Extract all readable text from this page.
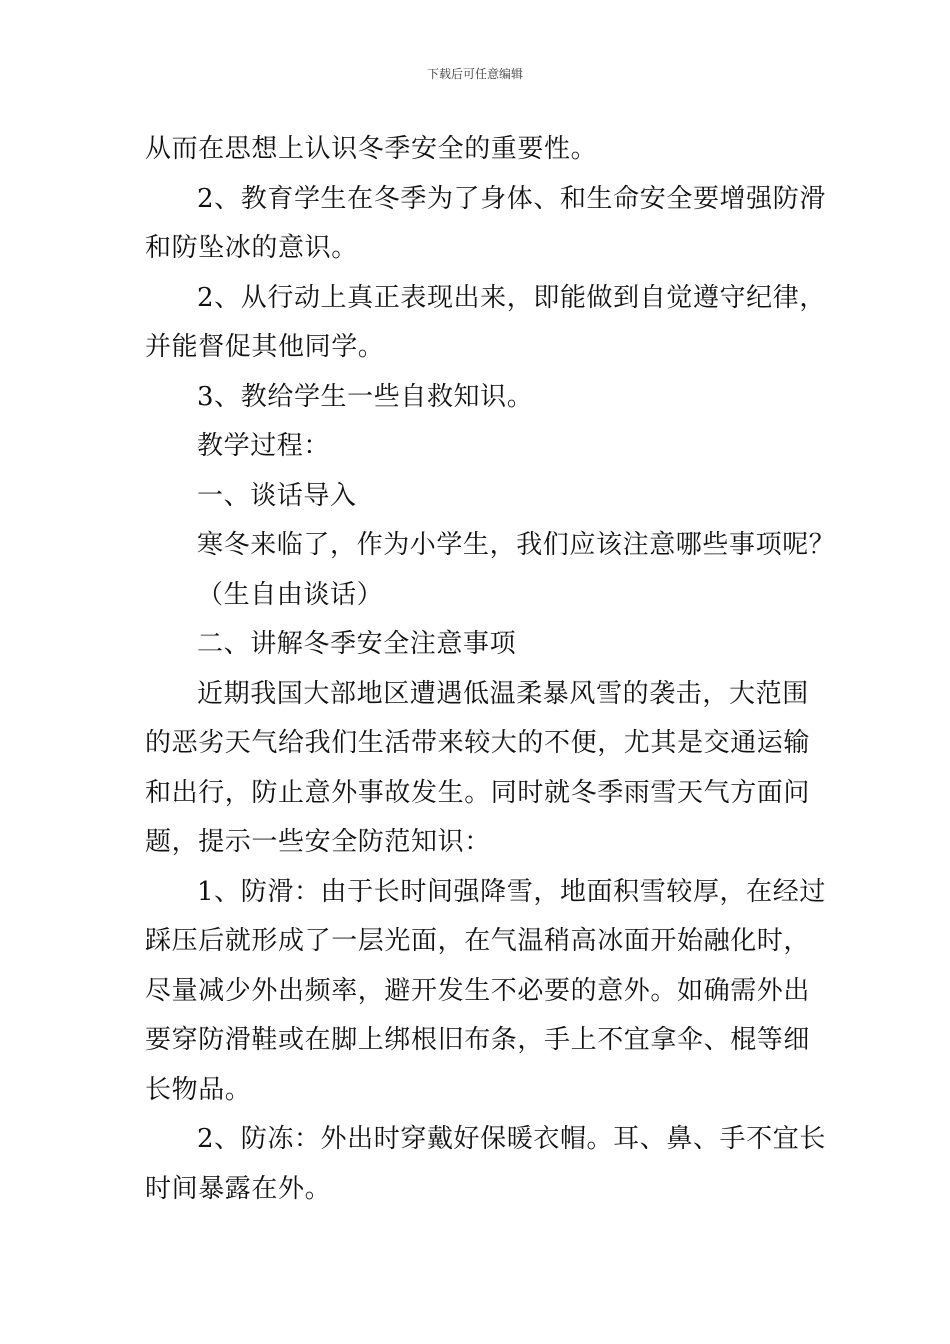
下载后可任意编辑

从而在思想上认识冬季安全的重要性。

2、教育学生在冬季为了身体、和生命安全要增强防滑

和防坠冰的意识。

2、从行动上真正表现出来，即能做到自觉遵守纪律，

并能督促其他同学。

3、教给学生一些自救知识。

教学过程：

一、谈话导入

寒冬来临了，作为小学生，我们应该注意哪些事项呢？

（生自由谈话）

二、讲解冬季安全注意事项

近期我国大部地区遭遇低温柔暴风雪的袭击，大范围

的恶劣天气给我们生活带来较大的不便，尤其是交通运输

和出行，防止意外事故发生。同时就冬季雨雪天气方面问

题，提示一些安全防范知识：

1、防滑：由于长时间强降雪，地面积雪较厚，在经过

踩压后就形成了一层光面，在气温稍高冰面开始融化时，

尽量减少外出频率，避开发生不必要的意外。如确需外出

要穿防滑鞋或在脚上绑根旧布条，手上不宜拿伞、棍等细

长物品。

2、防冻：外出时穿戴好保暖衣帽。耳、鼻、手不宜长

时间暴露在外。
